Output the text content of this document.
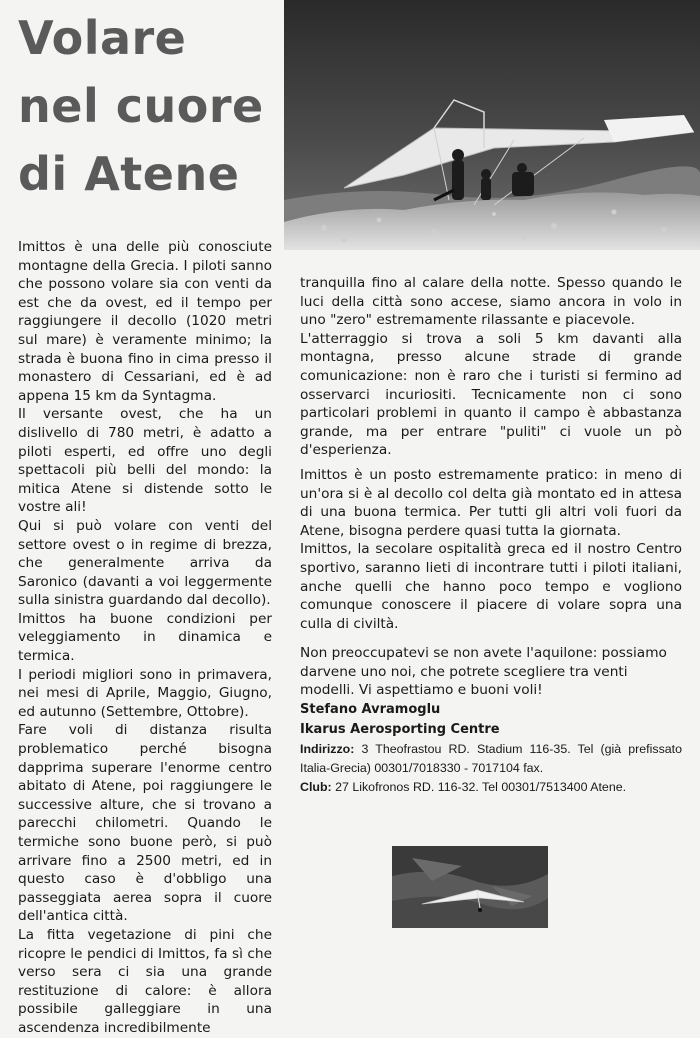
Volare
nel cuore
di Atene

Imittos è una delle più conosciute montagne della Grecia. I piloti sanno che possono volare sia con venti da est che da ovest, ed il tempo per raggiungere il decollo (1020 metri sul mare) è veramente minimo; la strada è buona fino in cima presso il monastero di Cessariani, ed è ad appena 15 km da Syntagma.

Il versante ovest, che ha un dislivello di 780 metri, è adatto a piloti esperti, ed offre uno degli spettacoli più belli del mondo: la mitica Atene si distende sotto le vostre ali!

Qui si può volare con venti del settore ovest o in regime di brezza, che generalmente arriva da Saronico (davanti a voi leggermente sulla sinistra guardando dal decollo).

Imittos ha buone condizioni per veleggiamento in dinamica e termica.

I periodi migliori sono in primavera, nei mesi di Aprile, Maggio, Giugno, ed autunno (Settembre, Ottobre).

Fare voli di distanza risulta problematico perché bisogna dapprima superare l'enorme centro abitato di Atene, poi raggiungere le successive alture, che si trovano a parecchi chilometri. Quando le termiche sono buone però, si può arrivare fino a 2500 metri, ed in questo caso è d'obbligo una passeggiata aerea sopra il cuore dell'antica città.

La fitta vegetazione di pini che ricopre le pendici di Imittos, fa sì che verso sera ci sia una grande restituzione di calore: è allora possibile galleggiare in una ascendenza incredibilmente

tranquilla fino al calare della notte. Spesso quando le luci della città sono accese, siamo ancora in volo in uno "zero" estremamente rilassante e piacevole.

L'atterraggio si trova a soli 5 km davanti alla montagna, presso alcune strade di grande comunicazione: non è raro che i turisti si fermino ad osservarci incuriositi. Tecnicamente non ci sono particolari problemi in quanto il campo è abbastanza grande, ma per entrare "puliti" ci vuole un pò d'esperienza.

Imittos è un posto estremamente pratico: in meno di un'ora si è al decollo col delta già montato ed in attesa di una buona termica. Per tutti gli altri voli fuori da Atene, bisogna perdere quasi tutta la giornata.

Imittos, la secolare ospitalità greca ed il nostro Centro sportivo, saranno lieti di incontrare tutti i piloti italiani, anche quelli che hanno poco tempo e vogliono comunque conoscere il piacere di volare sopra una culla di civiltà.

Non preoccupatevi se non avete l'aquilone: possiamo darvene uno noi, che potrete scegliere tra venti modelli. Vi aspettiamo e buoni voli!

Stefano Avramoglu

Ikarus Aerosporting Centre

Indirizzo: 3 Theofrastou RD. Stadium 116-35. Tel (già prefissato Italia-Grecia) 00301/7018330 - 7017104 fax.

Club: 27 Likofronos RD. 116-32. Tel 00301/7513400 Atene.
